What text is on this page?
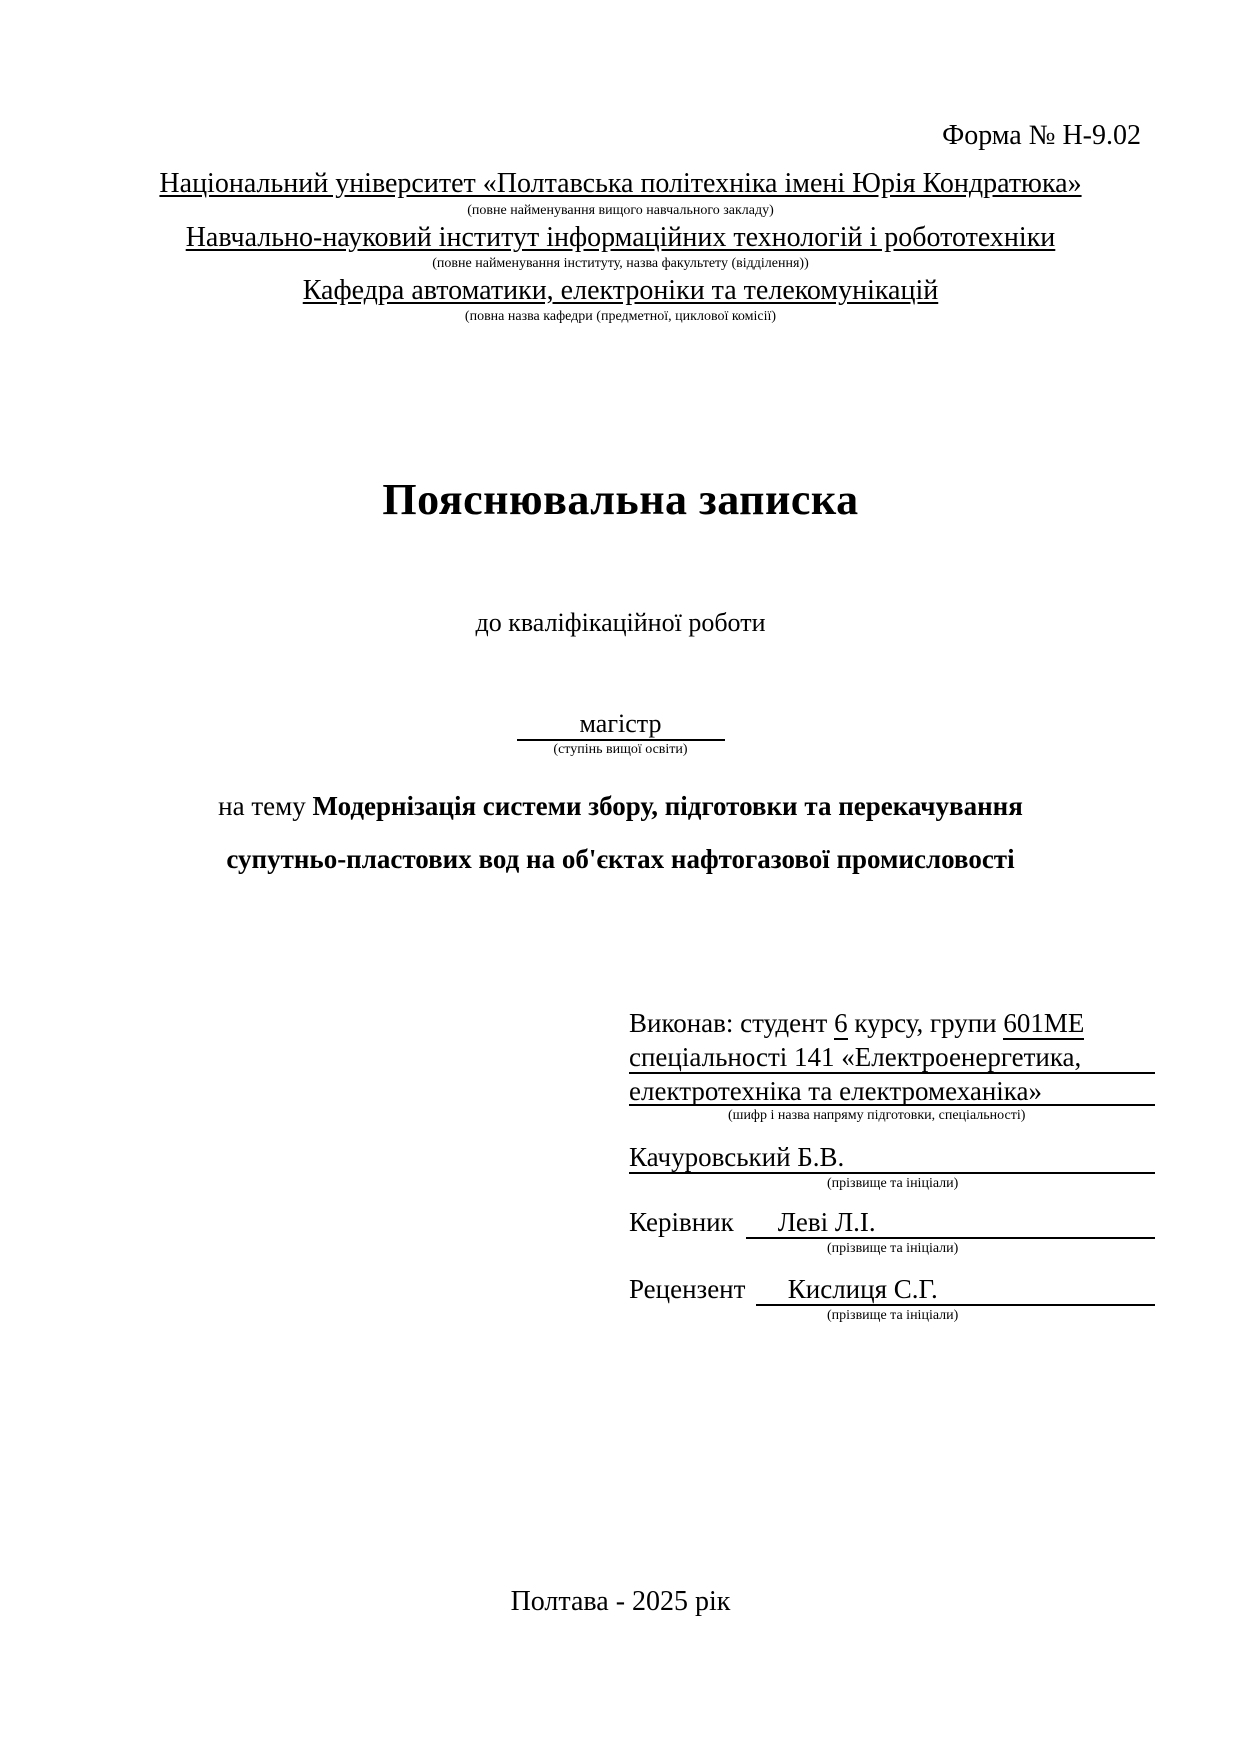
Форма № Н-9.02
Національний університет «Полтавська політехніка імені Юрія Кондратюка»
(повне найменування вищого навчального закладу)
Навчально-науковий інститут інформаційних технологій і робототехніки
(повне найменування інституту, назва факультету (відділення))
Кафедра автоматики, електроніки та телекомунікацій
(повна назва кафедри (предметної, циклової комісії)
Пояснювальна записка
до кваліфікаційної роботи
магістр
(ступінь вищої освіти)
на тему Модернізація системи збору, підготовки та перекачування
супутньо-пластових вод на об'єктах нафтогазової промисловості
Виконав: студент 6 курсу, групи 601МЕ
спеціальності 141 «Електроенергетика,
електротехніка та електромеханіка»
(шифр і назва напряму підготовки, спеціальності)
Качуровський Б.В.
(прізвище та ініціали)
Керівник	Леві Л.І.
(прізвище та ініціали)
Рецензент	Кислиця С.Г.
(прізвище та ініціали)
Полтава - 2025 рік
